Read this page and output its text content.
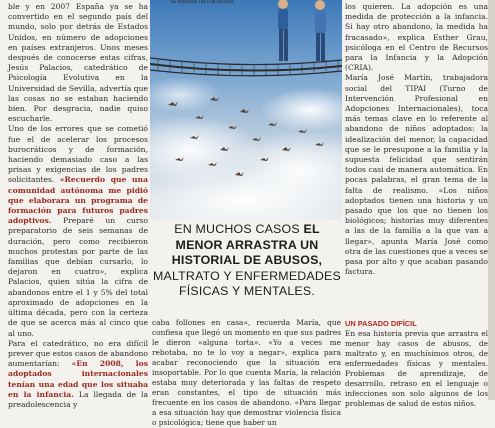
ble y en 2007 España ya se ha convertido en el segundo país del mundo, solo por detrás de Estados Unidos, en número de adopciones en países extranjeros. Unos meses después de conocerse estas cifras, Jesús Palacios, catedrático de Psicología Evolutiva en la Universidad de Sevilla, advertía que las cosas no se estaban haciendo bien. Por desgracia, nadie quiso escucharle.

Uno de los errores que se cometió fue el de acelerar los procesos burocráticos y de formación, haciendo demasiado caso a las prisas y exigencias de los padres solicitantes. «Recuerdo que una comunidad autónoma me pidió que elaborara un programa de formación para futuros padres adoptivos. Preparé un curso preparatorio de seis semanas de duración, pero como recibieron muchos protestas por parte de las familias que debían cursarlo, lo dejaron en cuatro», explica Palacios, quien sitúa la cifra de abandonos entre el 1 y 5% del total aproximado de adopciones en la última década, pero con la certeza de que se acerca más al cinco que al uno.

Para el catedrático, no era difícil prever que estos casos de abandono aumentarían: «En 2008, los adoptados internacionales tenían una edad que los situaba en la infancia. La llegada de la preadolescencia y

la medida ha fracasado.
EN MUCHOS CASOS EL MENOR ARRASTRA UN HISTORIAL DE ABUSOS, MALTRATO Y ENFERMEDADES FÍSICAS Y MENTALES.

caba follones en casa», recuerda María, que confiesa que llegó un momento en que sus padres le dieron «alguna torta». «Yo a veces me rebotaba, no te lo voy a negar», explica para acabar reconociendo que la situación era insoportable. Por lo que cuenta María, la relación estaba muy deteriorada y las faltas de respeto eran constantes, el tipo de situación más frecuente en los casos de abandono. «Para llegar a esa situación hay que demostrar violencia física o psicológica; tiene que haber un

los quieren. La adopción es una medida de protección a la infancia. Si hay otro abandono, la medida ha fracasado», explica Esther Grau, psicóloga en el Centro de Recursos para la Infancia y la Adopción (CRIA).

María José Martín, trabajadora social del TIPAI (Turno de Intervención Profesional en Adopciones Internacionales), toca más temas clave en lo referente al abandono de niños adoptados: la idealización del menor, la capacidad que se le presupone a la familia y la supuesta felicidad que sentirán todos casi de manera automática. En pocas palabras, el gran tema de la falta de realismo. «Los niños adoptados tienen una historia y un pasado que los que no tienen los biológicos; historias muy diferentes a las de la familia a la que van a llegar», apunta María José como otra de las cuestiones que a veces se pasa por alto y que acaban pasando factura.

UN PASADO DIFÍCIL

En esa historia previa que arrastra el menor hay casos de abusos, de maltrato y, en muchísimos otros, de enfermedades físicas y mentales. Problemas de aprendizaje, de desarrollo, retraso en el lenguaje o infecciones son solo algunos de los problemas de salud de estos niños.
